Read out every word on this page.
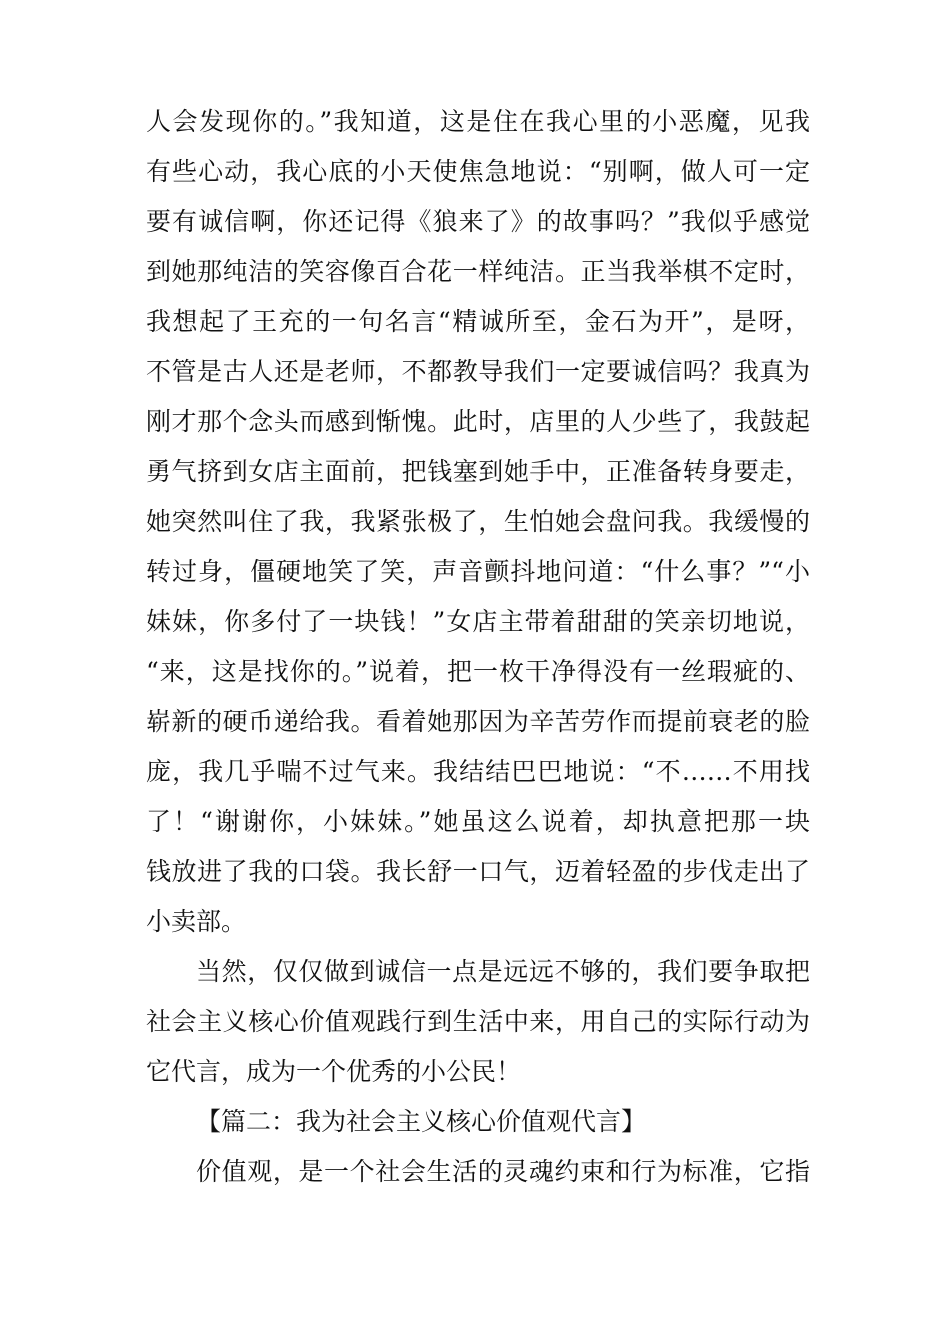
人会发现你的。”我知道，这是住在我心里的小恶魔，见我
有些心动，我心底的小天使焦急地说：“别啊，做人可一定
要有诚信啊，你还记得《狼来了》的故事吗？”我似乎感觉
到她那纯洁的笑容像百合花一样纯洁。正当我举棋不定时，
我想起了王充的一句名言“精诚所至，金石为开”，是呀，
不管是古人还是老师，不都教导我们一定要诚信吗？我真为
刚才那个念头而感到惭愧。此时，店里的人少些了，我鼓起
勇气挤到女店主面前，把钱塞到她手中，正准备转身要走，
她突然叫住了我，我紧张极了，生怕她会盘问我。我缓慢的
转过身，僵硬地笑了笑，声音颤抖地问道：“什么事？”“小
妹妹，你多付了一块钱！”女店主带着甜甜的笑亲切地说，
“来，这是找你的。”说着，把一枚干净得没有一丝瑕疵的、
崭新的硬币递给我。看着她那因为辛苦劳作而提前衰老的脸
庞，我几乎喘不过气来。我结结巴巴地说：“不……不用找
了！“谢谢你，小妹妹。”她虽这么说着，却执意把那一块
钱放进了我的口袋。我长舒一口气，迈着轻盈的步伐走出了
小卖部。
当然，仅仅做到诚信一点是远远不够的，我们要争取把
社会主义核心价值观践行到生活中来，用自己的实际行动为
它代言，成为一个优秀的小公民！
【篇二：我为社会主义核心价值观代言】
价值观，是一个社会生活的灵魂约束和行为标准，它指
